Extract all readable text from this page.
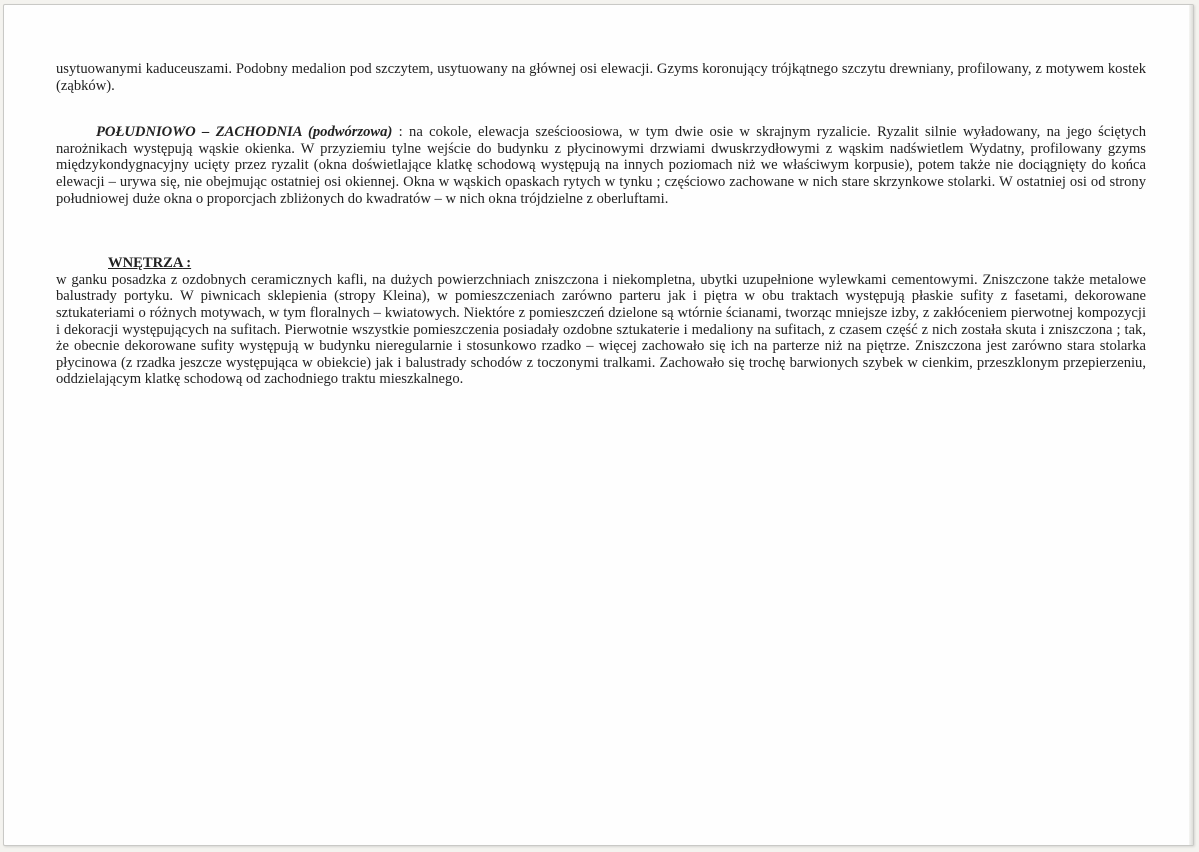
usytuowanymi kaduceuszami. Podobny medalion pod szczytem, usytuowany na głównej osi elewacji. Gzyms koronujący trójkątnego szczytu drewniany, profilowany, z motywem kostek (ząbków).

POŁUDNIOWO – ZACHODNIA (podwórzowa) : na cokole, elewacja sześcioosiowa, w tym dwie osie w skrajnym ryzalicie. Ryzalit silnie wyładowany, na jego ściętych narożnikach występują wąskie okienka. W przyziemiu tylne wejście do budynku z płycinowymi drzwiami dwuskrzydłowymi z wąskim nadświetlem Wydatny, profilowany gzyms międzykondygnacyjny ucięty przez ryzalit (okna doświetlające klatkę schodową występują na innych poziomach niż we właściwym korpusie), potem także nie dociągnięty do końca elewacji – urywa się, nie obejmując ostatniej osi okiennej. Okna w wąskich opaskach rytych w tynku ; częściowo zachowane w nich stare skrzynkowe stolarki. W ostatniej osi od strony południowej duże okna o proporcjach zbliżonych do kwadratów – w nich okna trójdzielne z oberluftami.

WNĘTRZA :

w ganku posadzka z ozdobnych ceramicznych kafli, na dużych powierzchniach zniszczona i niekompletna, ubytki uzupełnione wylewkami cementowymi. Zniszczone także metalowe balustrady portyku. W piwnicach sklepienia (stropy Kleina), w pomieszczeniach zarówno parteru jak i piętra w obu traktach występują płaskie sufity z fasetami, dekorowane sztukateriami o różnych motywach, w tym floralnych – kwiatowych. Niektóre z pomieszczeń dzielone są wtórnie ścianami, tworząc mniejsze izby, z zakłóceniem pierwotnej kompozycji i dekoracji występujących na sufitach. Pierwotnie wszystkie pomieszczenia posiadały ozdobne sztukaterie i medaliony na sufitach, z czasem część z nich została skuta i zniszczona ; tak, że obecnie dekorowane sufity występują w budynku nieregularnie i stosunkowo rzadko – więcej zachowało się ich na parterze niż na piętrze. Zniszczona jest zarówno stara stolarka płycinowa (z rzadka jeszcze występująca w obiekcie) jak i balustrady schodów z toczonymi tralkami. Zachowało się trochę barwionych szybek w cienkim, przeszklonym przepierzeniu, oddzielającym klatkę schodową od zachodniego traktu mieszkalnego.
